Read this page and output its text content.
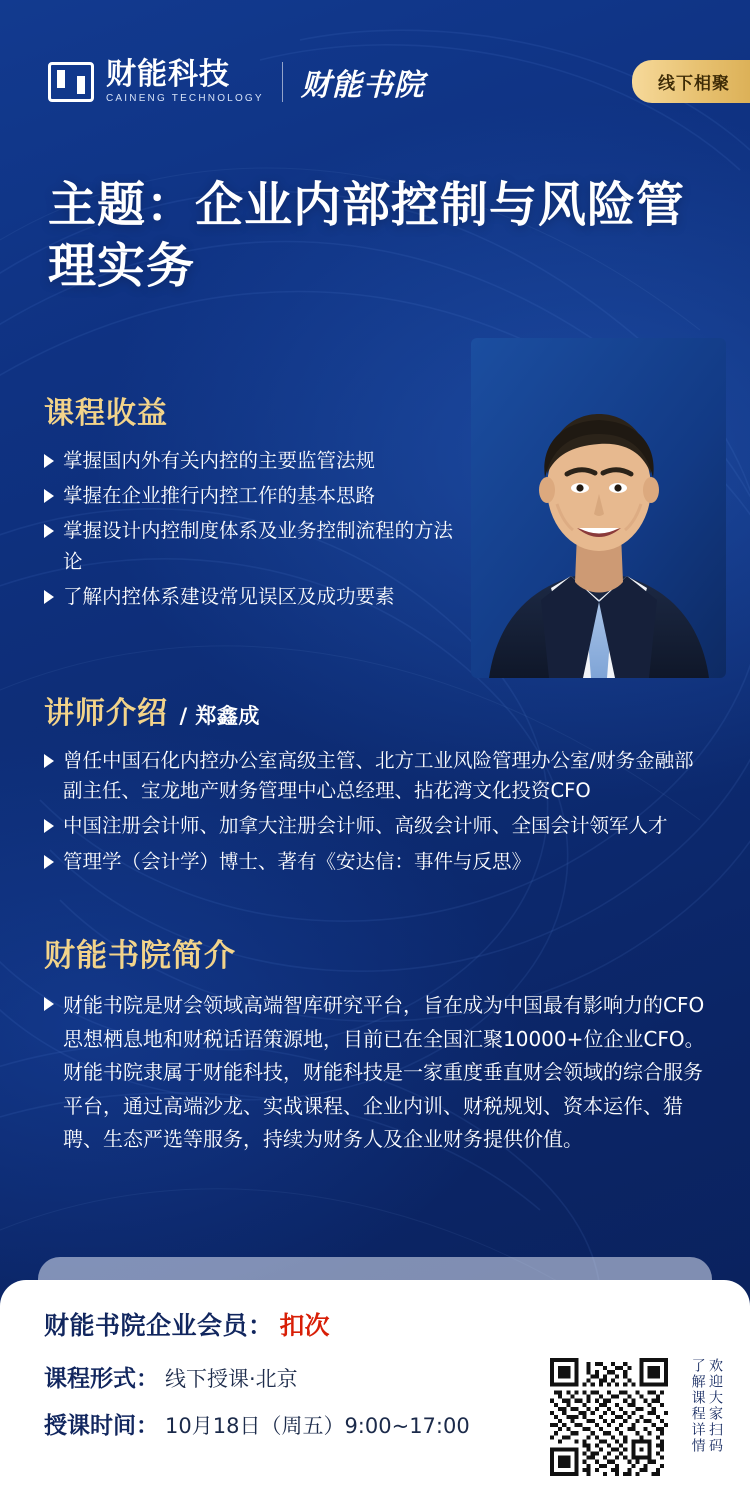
财能科技
CAINENG TECHNOLOGY 财能书院	线下相聚
主题：企业内部控制与风险管理实务
课程收益
掌握国内外有关内控的主要监管法规
掌握在企业推行内控工作的基本思路
掌握设计内控制度体系及业务控制流程的方法论
了解内控体系建设常见误区及成功要素
讲师介绍 / 郑鑫成
曾任中国石化内控办公室高级主管、北方工业风险管理办公室/财务金融部副主任、宝龙地产财务管理中心总经理、拈花湾文化投资CFO
中国注册会计师、加拿大注册会计师、高级会计师、全国会计领军人才
管理学（会计学）博士、著有《安达信：事件与反思》
财能书院简介
财能书院是财会领域高端智库研究平台，旨在成为中国最有影响力的CFO思想栖息地和财税话语策源地，目前已在全国汇聚10000+位企业CFO。财能书院隶属于财能科技，财能科技是一家重度垂直财会领域的综合服务平台，通过高端沙龙、实战课程、企业内训、财税规划、资本运作、猎聘、生态严选等服务，持续为财务人及企业财务提供价值。
财能书院企业会员： 扣次
课程形式： 线下授课·北京
授课时间： 10月18日（周五）9:00~17:00	欢迎大家扫码
了解课程详情
